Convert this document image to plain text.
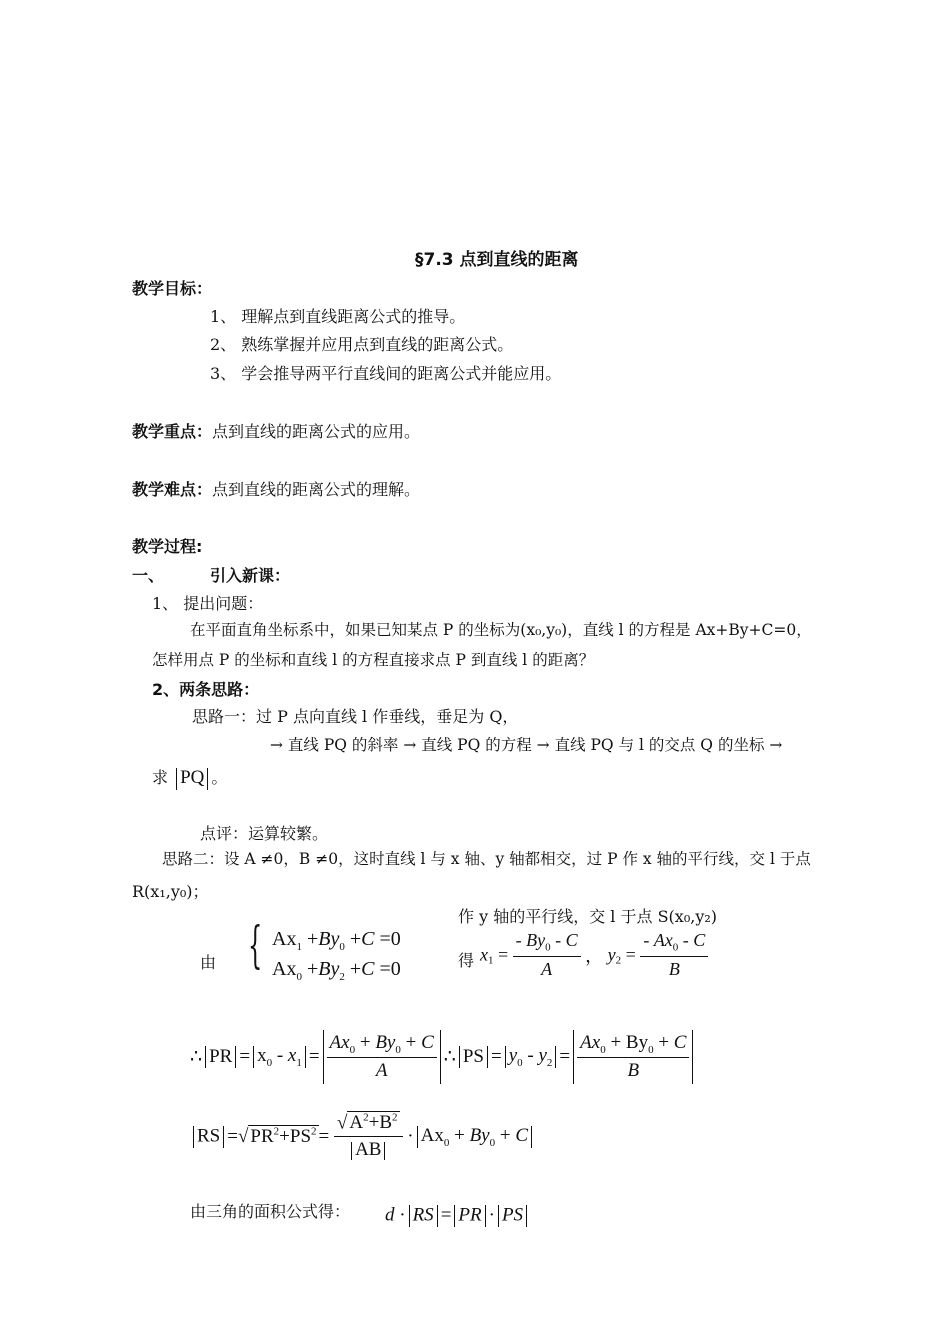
§7.3 点到直线的距离
教学目标：
1、 理解点到直线距离公式的推导。
2、 熟练掌握并应用点到直线的距离公式。
3、 学会推导两平行直线间的距离公式并能应用。
教学重点：点到直线的距离公式的应用。
教学难点：点到直线的距离公式的理解。
教学过程:
一、	引入新课：
1、 提出问题：
在平面直角坐标系中，如果已知某点 P 的坐标为(x₀,y₀)，直线 l 的方程是 Ax+By+C=0，
怎样用点 P 的坐标和直线 l 的方程直接求点 P 到直线 l 的距离？
2、两条思路：
思路一：过 P 点向直线 l 作垂线，垂足为 Q，
→ 直线 PQ 的斜率 → 直线 PQ 的方程 → 直线 PQ 与 l 的交点 Q 的坐标 →
求 PQ 。
点评：运算较繁。
思路二：设 A ≠0，B ≠0，这时直线 l 与 x 轴、y 轴都相交，过 P 作 x 轴的平行线，交 l 于点
R(x₁,y₀)；
作 y 轴的平行线，交 l 于点 S(x₀,y₂)
由 { $Ax_1 +By_0 +C =0$
$Ax_0 +By_2 +C =0$	得 $x_1 = \frac{- By_0 - C}{A}$ ， $y_2 = \frac{- Ax_0 - C}{B}$
∴ PR = $x_0 - x_1 = \frac{Ax_0 + By_0 + C}{A}$ ∴ PS = $y_0 - y_2 = \frac{Ax_0 + By_0 + C}{B}$
RS =√ $PR^2+PS^2 = \frac{√ A^2+B^2}{AB} \cdot Ax_0 + By_0 + C$
由三角的面积公式得： d · RS = PR · PS
